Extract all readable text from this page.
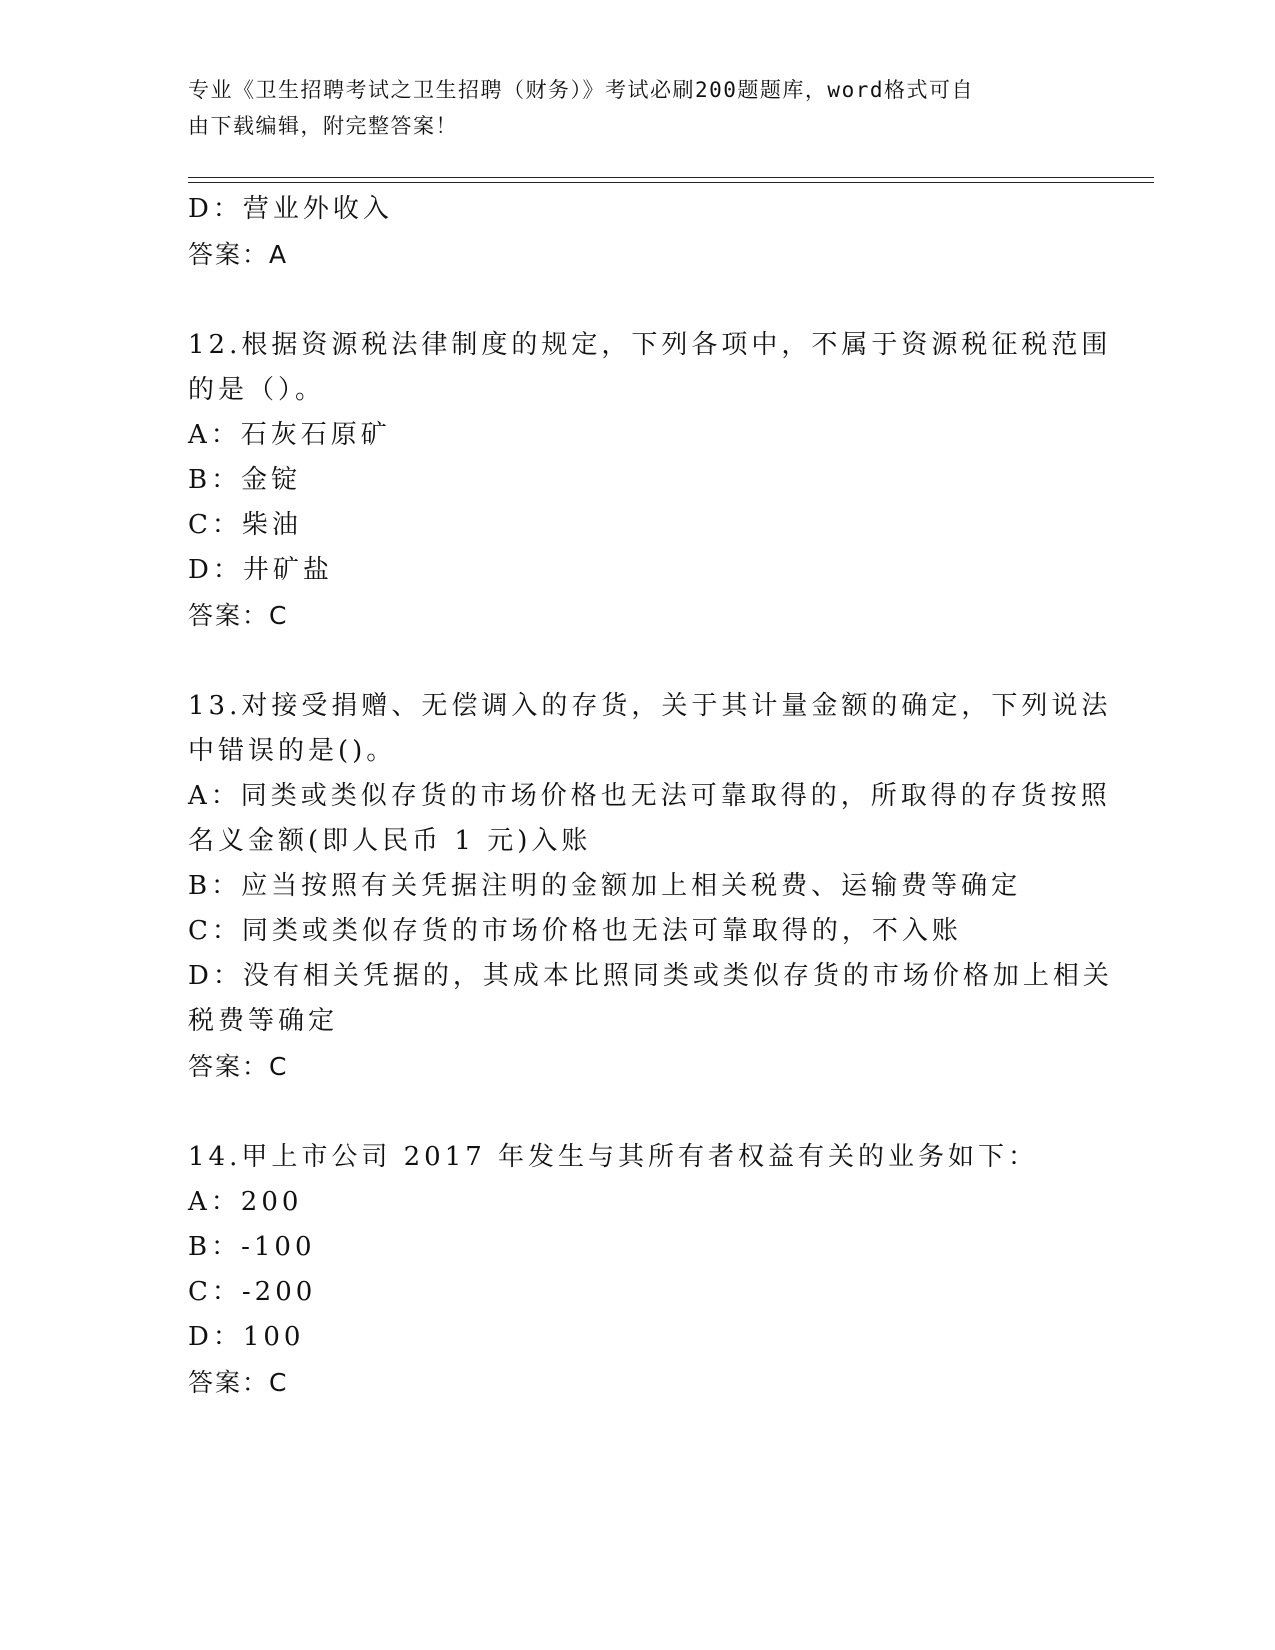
专业《卫生招聘考试之卫生招聘（财务）》考试必刷200题题库，word格式可自
由下载编辑，附完整答案！
D：营业外收入
答案：A
12.根据资源税法律制度的规定，下列各项中，不属于资源税征税范围
的是（）。
A：石灰石原矿
B：金锭
C：柴油
D：井矿盐
答案：C
13.对接受捐赠、无偿调入的存货，关于其计量金额的确定，下列说法
中错误的是()。
A：同类或类似存货的市场价格也无法可靠取得的，所取得的存货按照
名义金额(即人民币 1 元)入账
B：应当按照有关凭据注明的金额加上相关税费、运输费等确定
C：同类或类似存货的市场价格也无法可靠取得的，不入账
D：没有相关凭据的，其成本比照同类或类似存货的市场价格加上相关
税费等确定
答案：C
14.甲上市公司 2017 年发生与其所有者权益有关的业务如下：
A：200
B：-100
C：-200
D：100
答案：C
